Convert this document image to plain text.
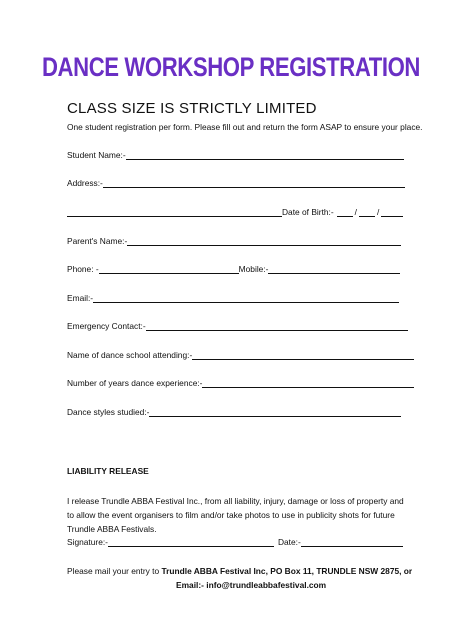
DANCE WORKSHOP REGISTRATION
CLASS SIZE IS STRICTLY LIMITED
One student registration per form. Please fill out and return the form ASAP to ensure your place.
Student Name:-
Address:-
Date of Birth:-	/ /
Parent's Name:-
Phone: -	Mobile:-
Email:-
Emergency Contact:-
Name of dance school attending:-
Number of years dance experience:-
Dance styles studied:-
LIABILITY RELEASE
I release Trundle ABBA Festival Inc., from all liability, injury, damage or loss of property and to allow the event organisers to film and/or take photos to use in publicity shots for future Trundle ABBA Festivals.
Signature:-	Date:-
Please mail your entry to Trundle ABBA Festival Inc, PO Box 11, TRUNDLE NSW 2875, or
Email:- info@trundleabbafestival.com
